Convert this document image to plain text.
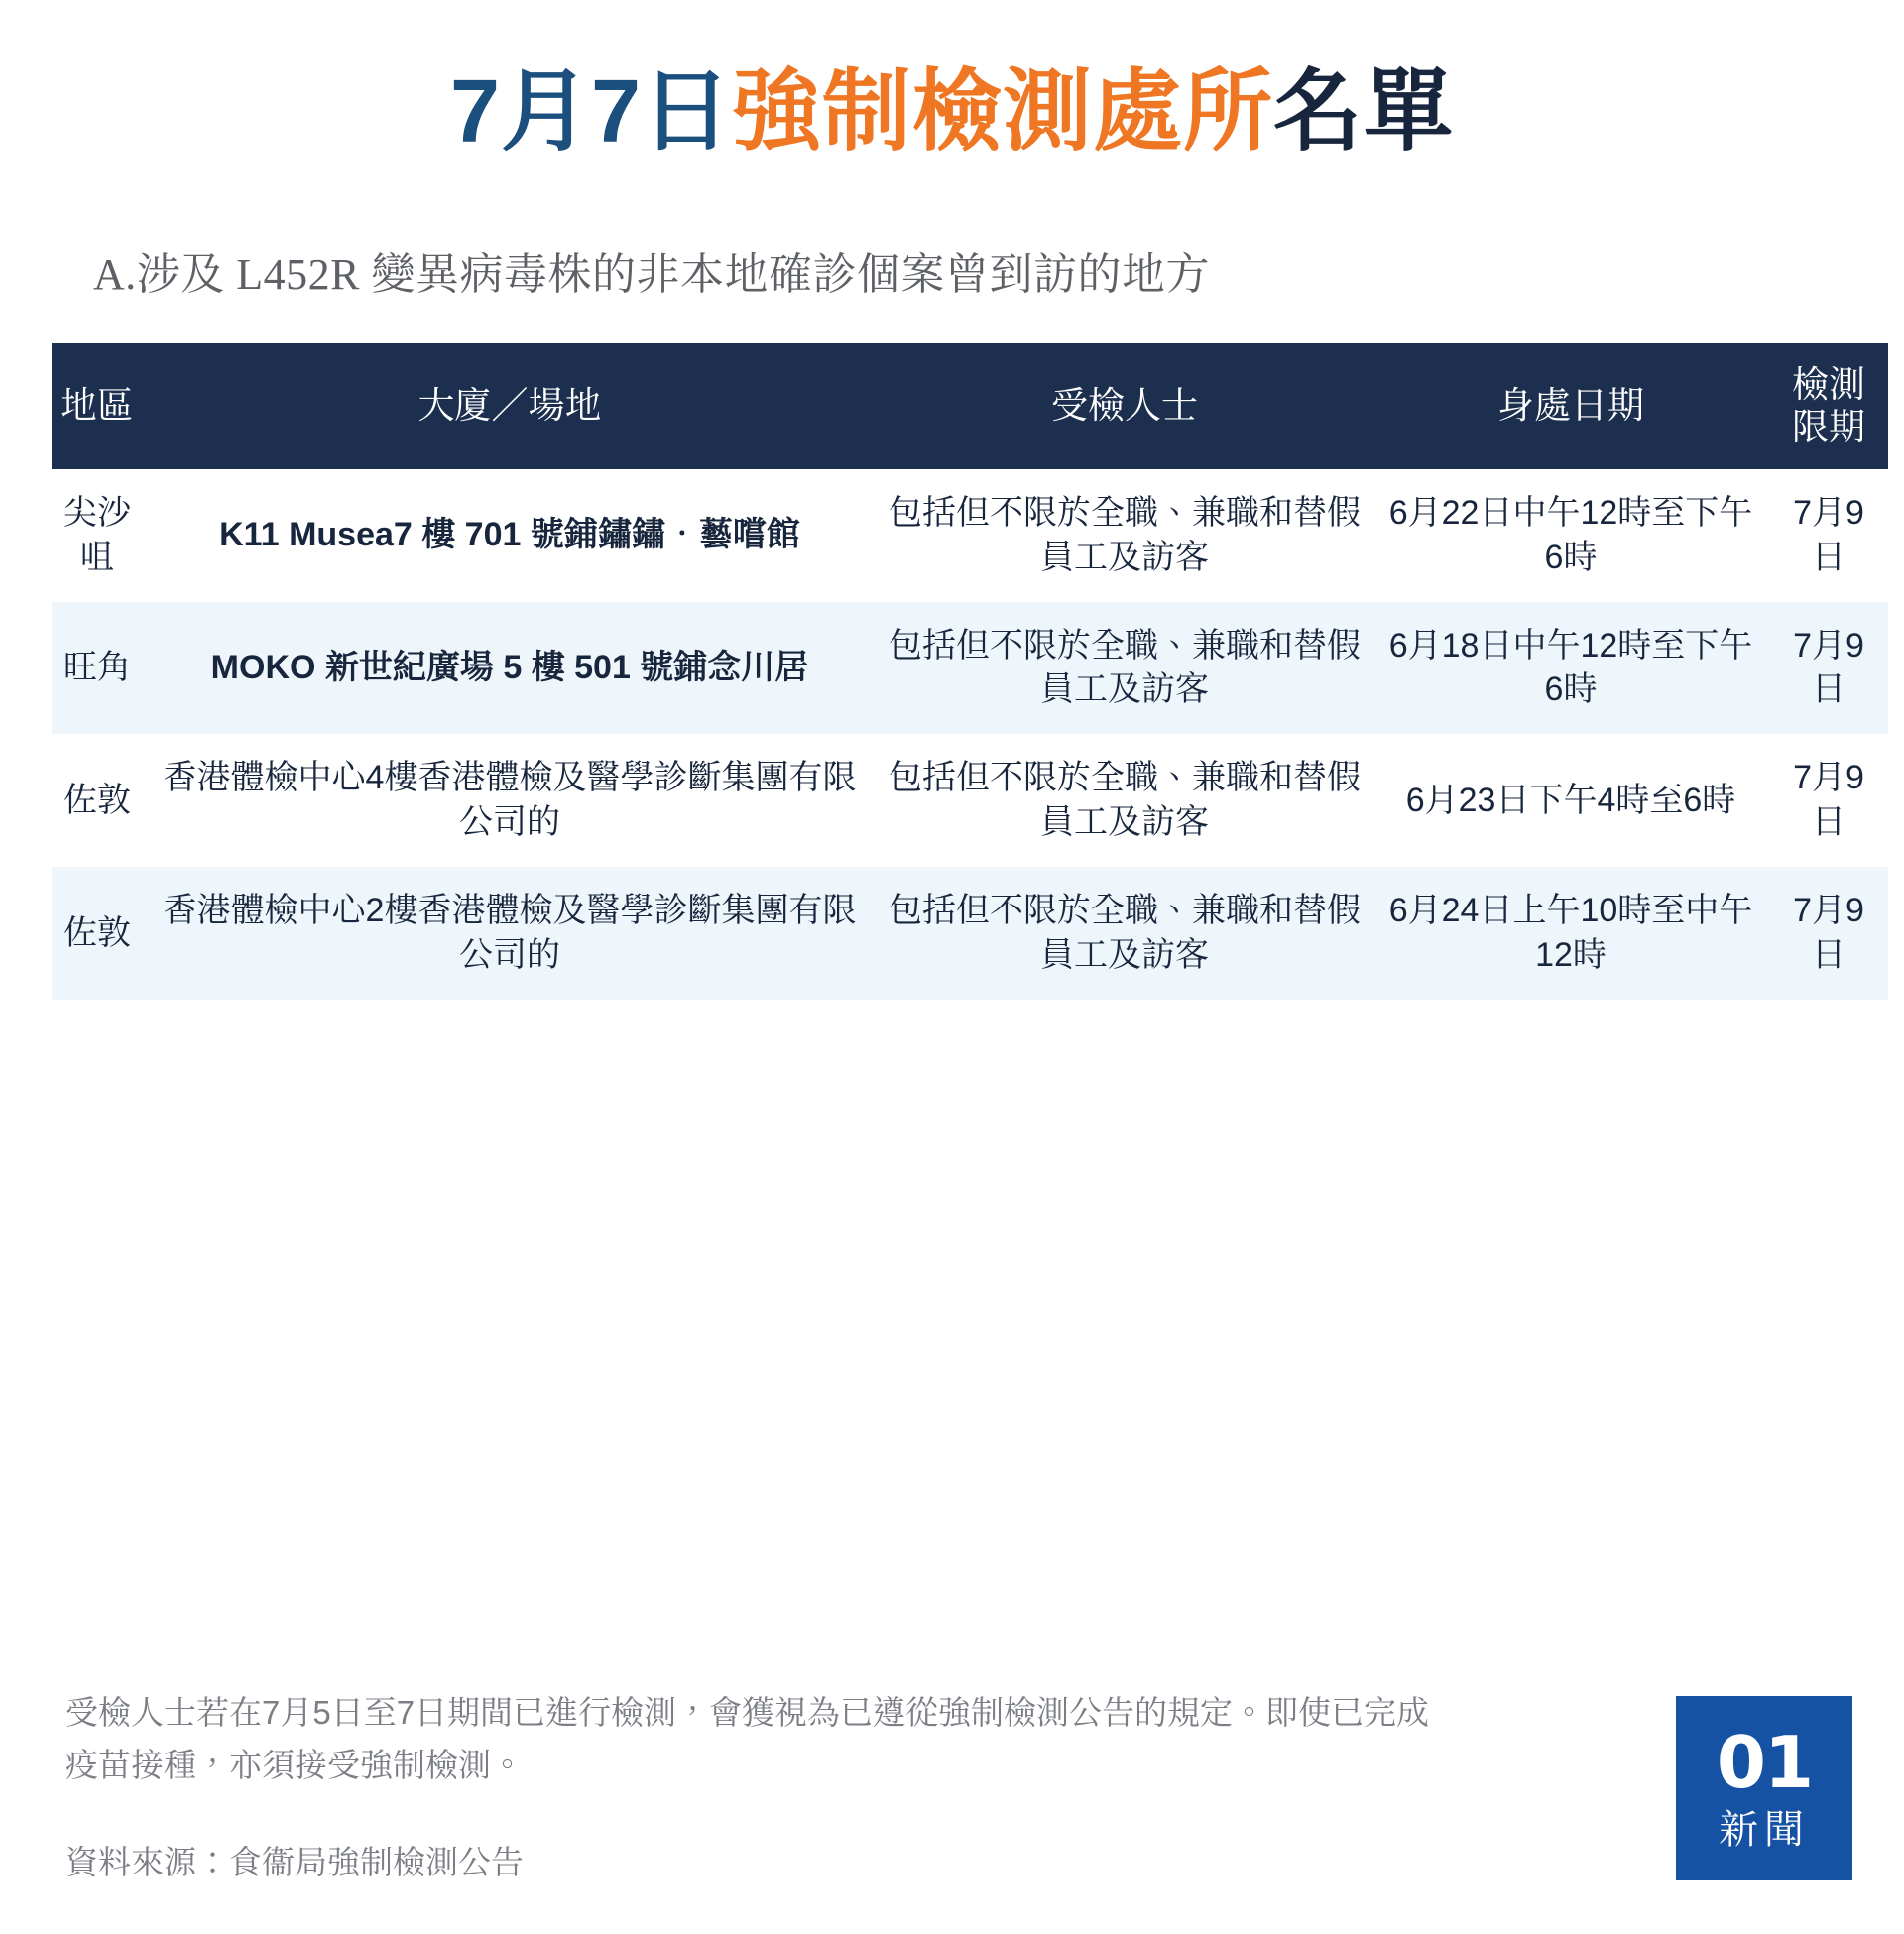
7月7日強制檢測處所名單
A.涉及 L452R 變異病毒株的非本地確診個案曾到訪的地方
地區	大廈／場地	受檢人士	身處日期	檢測限期
尖沙咀	K11 Musea7 樓 701 號鋪鏽鏽．藝嚐館	包括但不限於全職、兼職和替假員工及訪客	6月22日中午12時至下午6時	7月9日
旺角	MOKO 新世紀廣場 5 樓 501 號鋪念川居	包括但不限於全職、兼職和替假員工及訪客	6月18日中午12時至下午6時	7月9日
佐敦	香港體檢中心4樓香港體檢及醫學診斷集團有限公司的	包括但不限於全職、兼職和替假員工及訪客	6月23日下午4時至6時	7月9日
佐敦	香港體檢中心2樓香港體檢及醫學診斷集團有限公司的	包括但不限於全職、兼職和替假員工及訪客	6月24日上午10時至中午12時	7月9日
受檢人士若在7月5日至7日期間已進行檢測，會獲視為已遵從強制檢測公告的規定。即使已完成疫苗接種，亦須接受強制檢測。
資料來源：食衞局強制檢測公告
01
新聞
